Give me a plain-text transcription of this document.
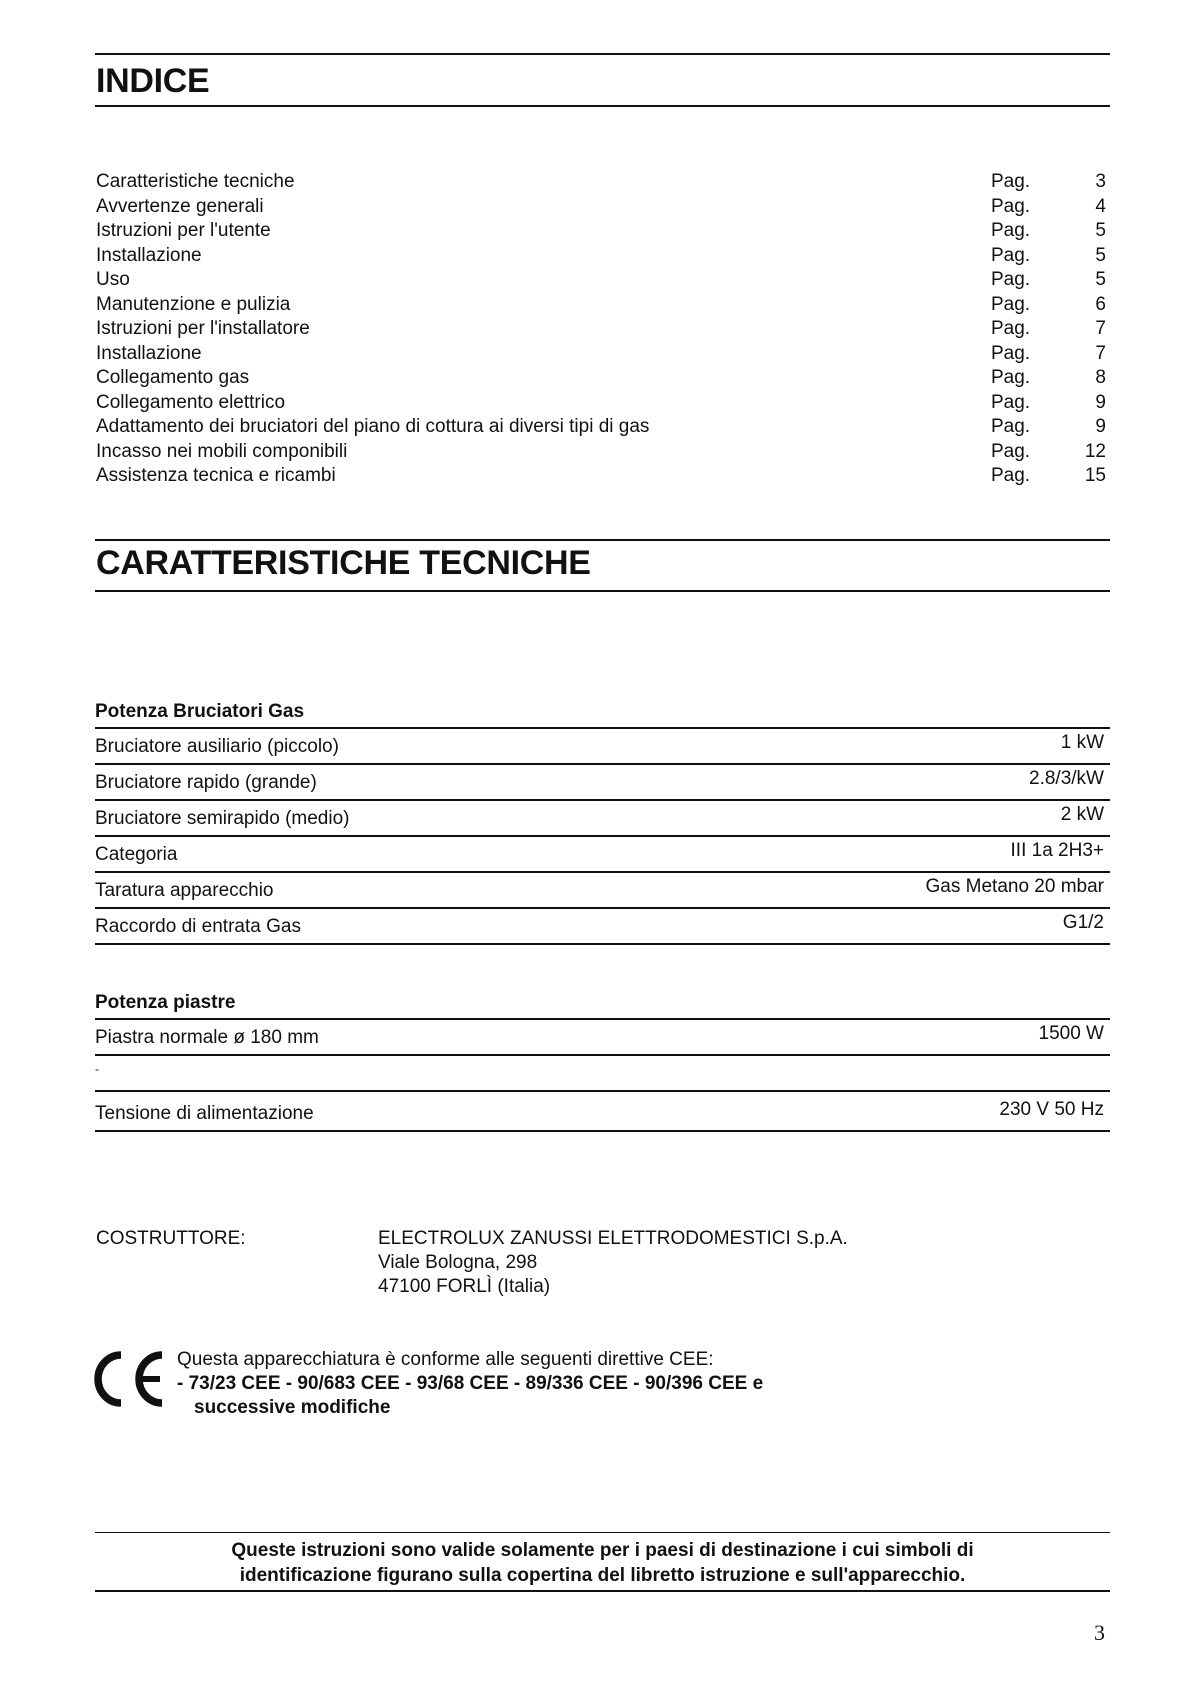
INDICE
Caratteristiche tecniche	Pag.	3
Avvertenze generali	Pag.	4
Istruzioni per l'utente	Pag.	5
Installazione	Pag.	5
Uso	Pag.	5
Manutenzione e pulizia	Pag.	6
Istruzioni per l'installatore	Pag.	7
Installazione	Pag.	7
Collegamento gas	Pag.	8
Collegamento elettrico	Pag.	9
Adattamento dei bruciatori del piano di cottura ai diversi tipi di gas	Pag.	9
Incasso nei mobili componibili	Pag.	12
Assistenza tecnica e ricambi	Pag.	15
CARATTERISTICHE TECNICHE
Potenza Bruciatori Gas
Bruciatore ausiliario (piccolo)	1 kW
Bruciatore rapido (grande)	2.8/3/kW
Bruciatore semirapido (medio)	2 kW
Categoria	III 1a 2H3+
Taratura apparecchio	Gas Metano 20 mbar
Raccordo di entrata Gas	G1/2
Potenza piastre
Piastra normale ø 180 mm	1500 W
-
Tensione di alimentazione	230 V 50 Hz
COSTRUTTORE:	ELECTROLUX ZANUSSI ELETTRODOMESTICI S.p.A.
Viale Bologna, 298
47100 FORLÌ (Italia)
Questa apparecchiatura è conforme alle seguenti direttive CEE:
- 73/23 CEE - 90/683 CEE - 93/68 CEE - 89/336 CEE - 90/396 CEE e
successive modifiche
Queste istruzioni sono valide solamente per i paesi di destinazione i cui simboli di
identificazione figurano sulla copertina del libretto istruzione e sull'apparecchio.
3
